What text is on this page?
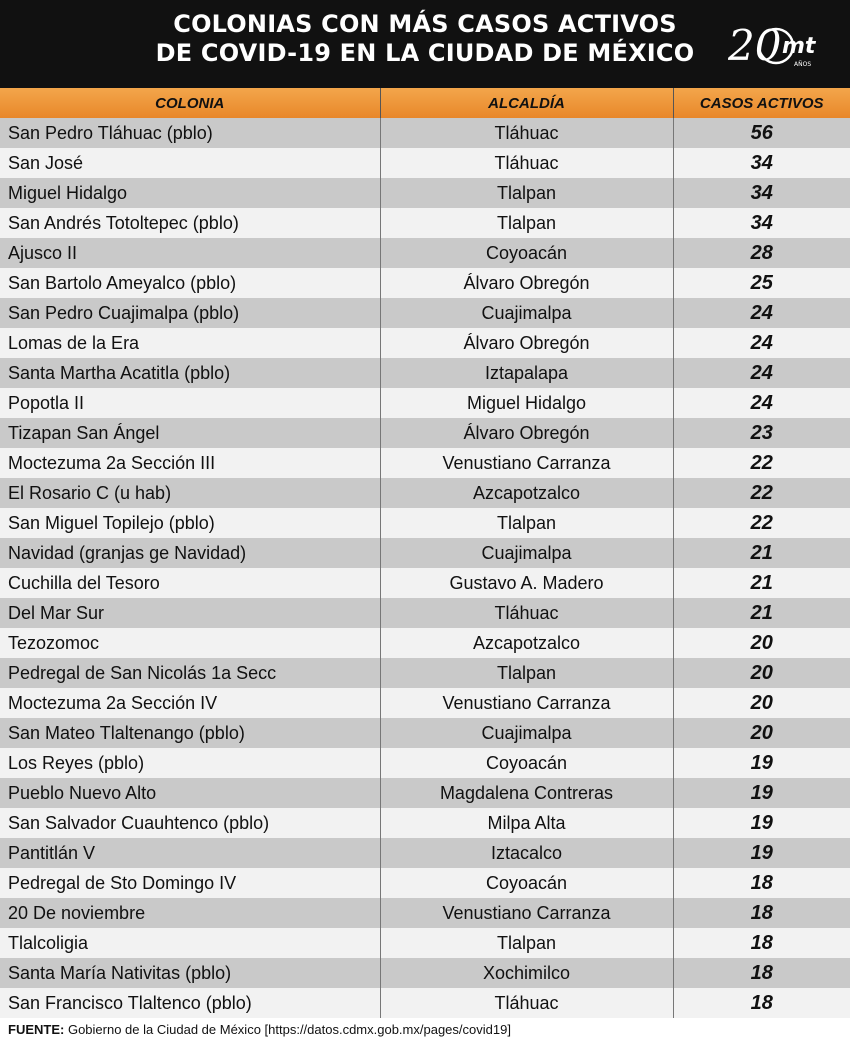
COLONIAS CON MÁS CASOS ACTIVOS
DE COVID-19 EN LA CIUDAD DE MÉXICO 20 mt
AÑOS
COLONIA	ALCALDÍA	CASOS ACTIVOS
San Pedro Tláhuac (pblo)	Tláhuac	56
San José	Tláhuac	34
Miguel Hidalgo	Tlalpan	34
San Andrés Totoltepec (pblo)	Tlalpan	34
Ajusco II	Coyoacán	28
San Bartolo Ameyalco (pblo)	Álvaro Obregón	25
San Pedro Cuajimalpa (pblo)	Cuajimalpa	24
Lomas de la Era	Álvaro Obregón	24
Santa Martha Acatitla (pblo)	Iztapalapa	24
Popotla II	Miguel Hidalgo	24
Tizapan San Ángel	Álvaro Obregón	23
Moctezuma 2a Sección III	Venustiano Carranza	22
El Rosario C (u hab)	Azcapotzalco	22
San Miguel Topilejo (pblo)	Tlalpan	22
Navidad (granjas ge Navidad)	Cuajimalpa	21
Cuchilla del Tesoro	Gustavo A. Madero	21
Del Mar Sur	Tláhuac	21
Tezozomoc	Azcapotzalco	20
Pedregal de San Nicolás 1a Secc	Tlalpan	20
Moctezuma 2a Sección IV	Venustiano Carranza	20
San Mateo Tlaltenango (pblo)	Cuajimalpa	20
Los Reyes (pblo)	Coyoacán	19
Pueblo Nuevo Alto	Magdalena Contreras	19
San Salvador Cuauhtenco (pblo)	Milpa Alta	19
Pantitlán V	Iztacalco	19
Pedregal de Sto Domingo IV	Coyoacán	18
20 De noviembre	Venustiano Carranza	18
Tlalcoligia	Tlalpan	18
Santa María Nativitas (pblo)	Xochimilco	18
San Francisco Tlaltenco (pblo)	Tláhuac	18
FUENTE: Gobierno de la Ciudad de México [https://datos.cdmx.gob.mx/pages/covid19]
